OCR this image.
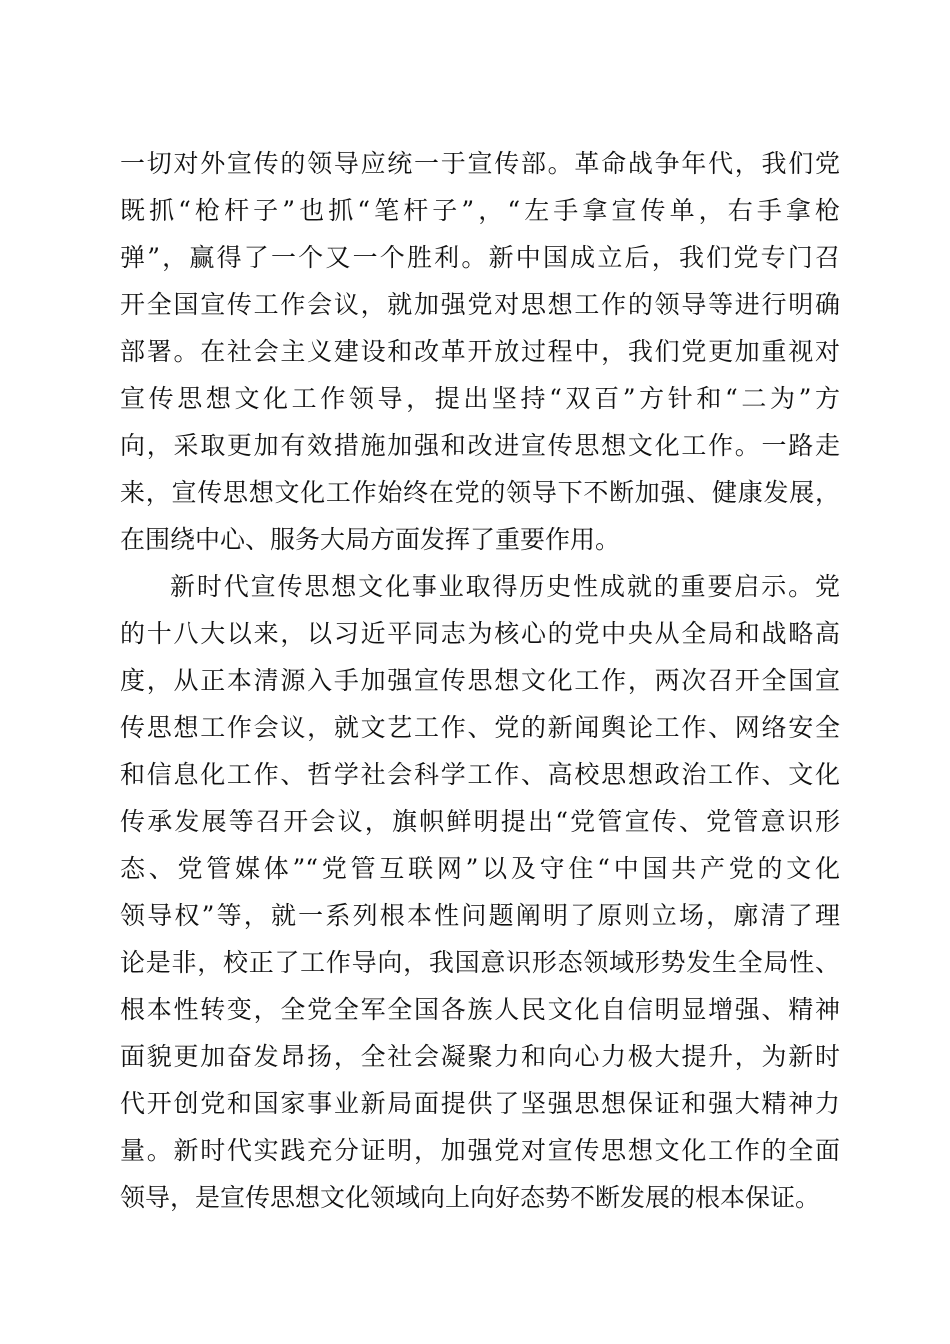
一切对外宣传的领导应统一于宣传部。革命战争年代，我们党
既抓“枪杆子”也抓“笔杆子”，“左手拿宣传单，右手拿枪
弹”，赢得了一个又一个胜利。新中国成立后，我们党专门召
开全国宣传工作会议，就加强党对思想工作的领导等进行明确
部署。在社会主义建设和改革开放过程中，我们党更加重视对
宣传思想文化工作领导，提出坚持“双百”方针和“二为”方
向，采取更加有效措施加强和改进宣传思想文化工作。一路走
来，宣传思想文化工作始终在党的领导下不断加强、健康发展，
在围绕中心、服务大局方面发挥了重要作用。
新时代宣传思想文化事业取得历史性成就的重要启示。党
的十八大以来，以习近平同志为核心的党中央从全局和战略高
度，从正本清源入手加强宣传思想文化工作，两次召开全国宣
传思想工作会议，就文艺工作、党的新闻舆论工作、网络安全
和信息化工作、哲学社会科学工作、高校思想政治工作、文化
传承发展等召开会议，旗帜鲜明提出“党管宣传、党管意识形
态、党管媒体”“党管互联网”以及守住“中国共产党的文化
领导权”等，就一系列根本性问题阐明了原则立场，廓清了理
论是非，校正了工作导向，我国意识形态领域形势发生全局性、
根本性转变，全党全军全国各族人民文化自信明显增强、精神
面貌更加奋发昂扬，全社会凝聚力和向心力极大提升，为新时
代开创党和国家事业新局面提供了坚强思想保证和强大精神力
量。新时代实践充分证明，加强党对宣传思想文化工作的全面
领导，是宣传思想文化领域向上向好态势不断发展的根本保证。
